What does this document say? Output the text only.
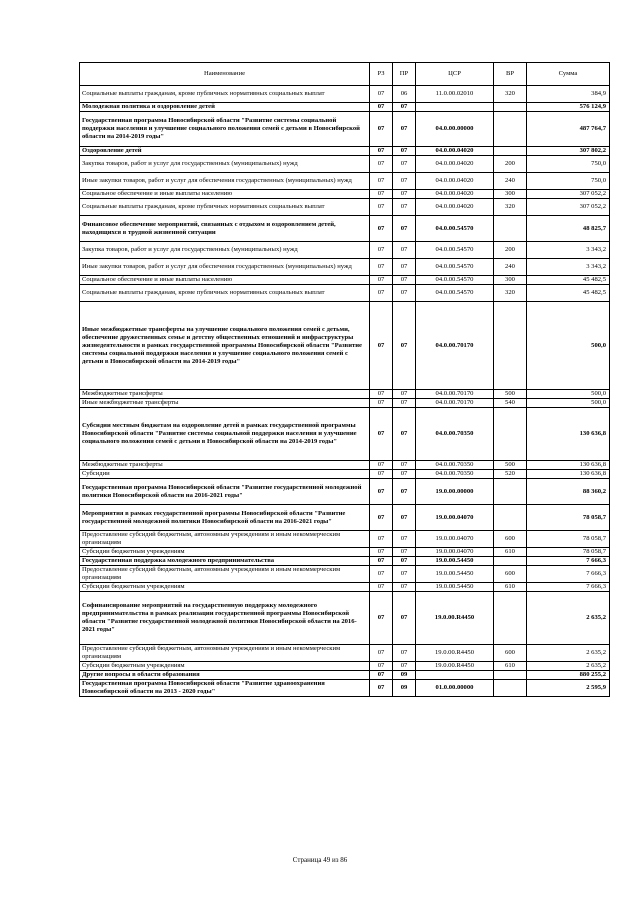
Наименование	РЗ	ПР	ЦСР	ВР	Сумма
Социальные выплаты гражданам, кроме публичных нормативных социальных выплат	07	06	11.0.00.02010	320	384,9
Молодежная политика и оздоровление детей	07	07			576 124,9
Государственная программа Новосибирской области "Развитие системы социальной поддержки населения и улучшение социального положения семей с детьми в Новосибирской области на 2014-2019 годы"	07	07	04.0.00.00000		487 764,7
Оздоровление детей	07	07	04.0.00.04020		307 802,2
Закупка товаров, работ и услуг для государственных (муниципальных) нужд	07	07	04.0.00.04020	200	750,0
Иные закупки товаров, работ и услуг для обеспечения государственных (муниципальных) нужд	07	07	04.0.00.04020	240	750,0
Социальное обеспечение и иные выплаты населению	07	07	04.0.00.04020	300	307 052,2
Социальные выплаты гражданам, кроме публичных нормативных социальных выплат	07	07	04.0.00.04020	320	307 052,2
Финансовое обеспечение мероприятий, связанных с отдыхом и оздоровлением детей, находящихся в трудной жизненной ситуации	07	07	04.0.00.54570		48 825,7
Закупка товаров, работ и услуг для государственных (муниципальных) нужд	07	07	04.0.00.54570	200	3 343,2
Иные закупки товаров, работ и услуг для обеспечения государственных (муниципальных) нужд	07	07	04.0.00.54570	240	3 343,2
Социальное обеспечение и иные выплаты населению	07	07	04.0.00.54570	300	45 482,5
Социальные выплаты гражданам, кроме публичных нормативных социальных выплат	07	07	04.0.00.54570	320	45 482,5
Иные межбюджетные трансферты на улучшение социального положения семей с детьми, обеспечение дружественных семье и детству общественных отношений и инфраструктуры жизнедеятельности в рамках государственной программы Новосибирской области "Развитие системы социальной поддержки населения и улучшение социального положения семей с детьми в Новосибирской области на 2014-2019 годы"	07	07	04.0.00.70170		500,0
Межбюджетные трансферты	07	07	04.0.00.70170	500	500,0
Иные межбюджетные трансферты	07	07	04.0.00.70170	540	500,0
Субсидии местным бюджетам на оздоровление детей в рамках государственной программы Новосибирской области "Развитие системы социальной поддержки населения и улучшение социального положения семей с детьми в Новосибирской области на 2014-2019 годы"	07	07	04.0.00.70350		130 636,8
Межбюджетные трансферты	07	07	04.0.00.70350	500	130 636,8
Субсидии	07	07	04.0.00.70350	520	130 636,8
Государственная программа Новосибирской области "Развитие государственной молодежной политики Новосибирской области на 2016-2021 годы"	07	07	19.0.00.00000		88 360,2
Мероприятия в рамках государственной программы Новосибирской области "Развитие государственной молодежной политики Новосибирской области на 2016-2021 годы"	07	07	19.0.00.04070		78 058,7
Предоставление субсидий бюджетным, автономным учреждениям и иным некоммерческим организациям	07	07	19.0.00.04070	600	78 058,7
Субсидии бюджетным учреждениям	07	07	19.0.00.04070	610	78 058,7
Государственная поддержка молодежного предпринимательства	07	07	19.0.00.54450		7 666,3
Предоставление субсидий бюджетным, автономным учреждениям и иным некоммерческим организациям	07	07	19.0.00.54450	600	7 666,3
Субсидии бюджетным учреждениям	07	07	19.0.00.54450	610	7 666,3
Софинансирование мероприятий на государственную поддержку молодежного предпринимательства в рамках реализации государственной программы Новосибирской области "Развитие государственной молодежной политики Новосибирской области на 2016-2021 годы"	07	07	19.0.00.R4450		2 635,2
Предоставление субсидий бюджетным, автономным учреждениям и иным некоммерческим организациям	07	07	19.0.00.R4450	600	2 635,2
Субсидии бюджетным учреждениям	07	07	19.0.00.R4450	610	2 635,2
Другие вопросы в области образования	07	09			880 255,2
Государственная программа Новосибирской области "Развитие здравоохранения Новосибирской области на 2013 - 2020 годы"	07	09	01.0.00.00000		2 595,9
Страница 49 из 86
